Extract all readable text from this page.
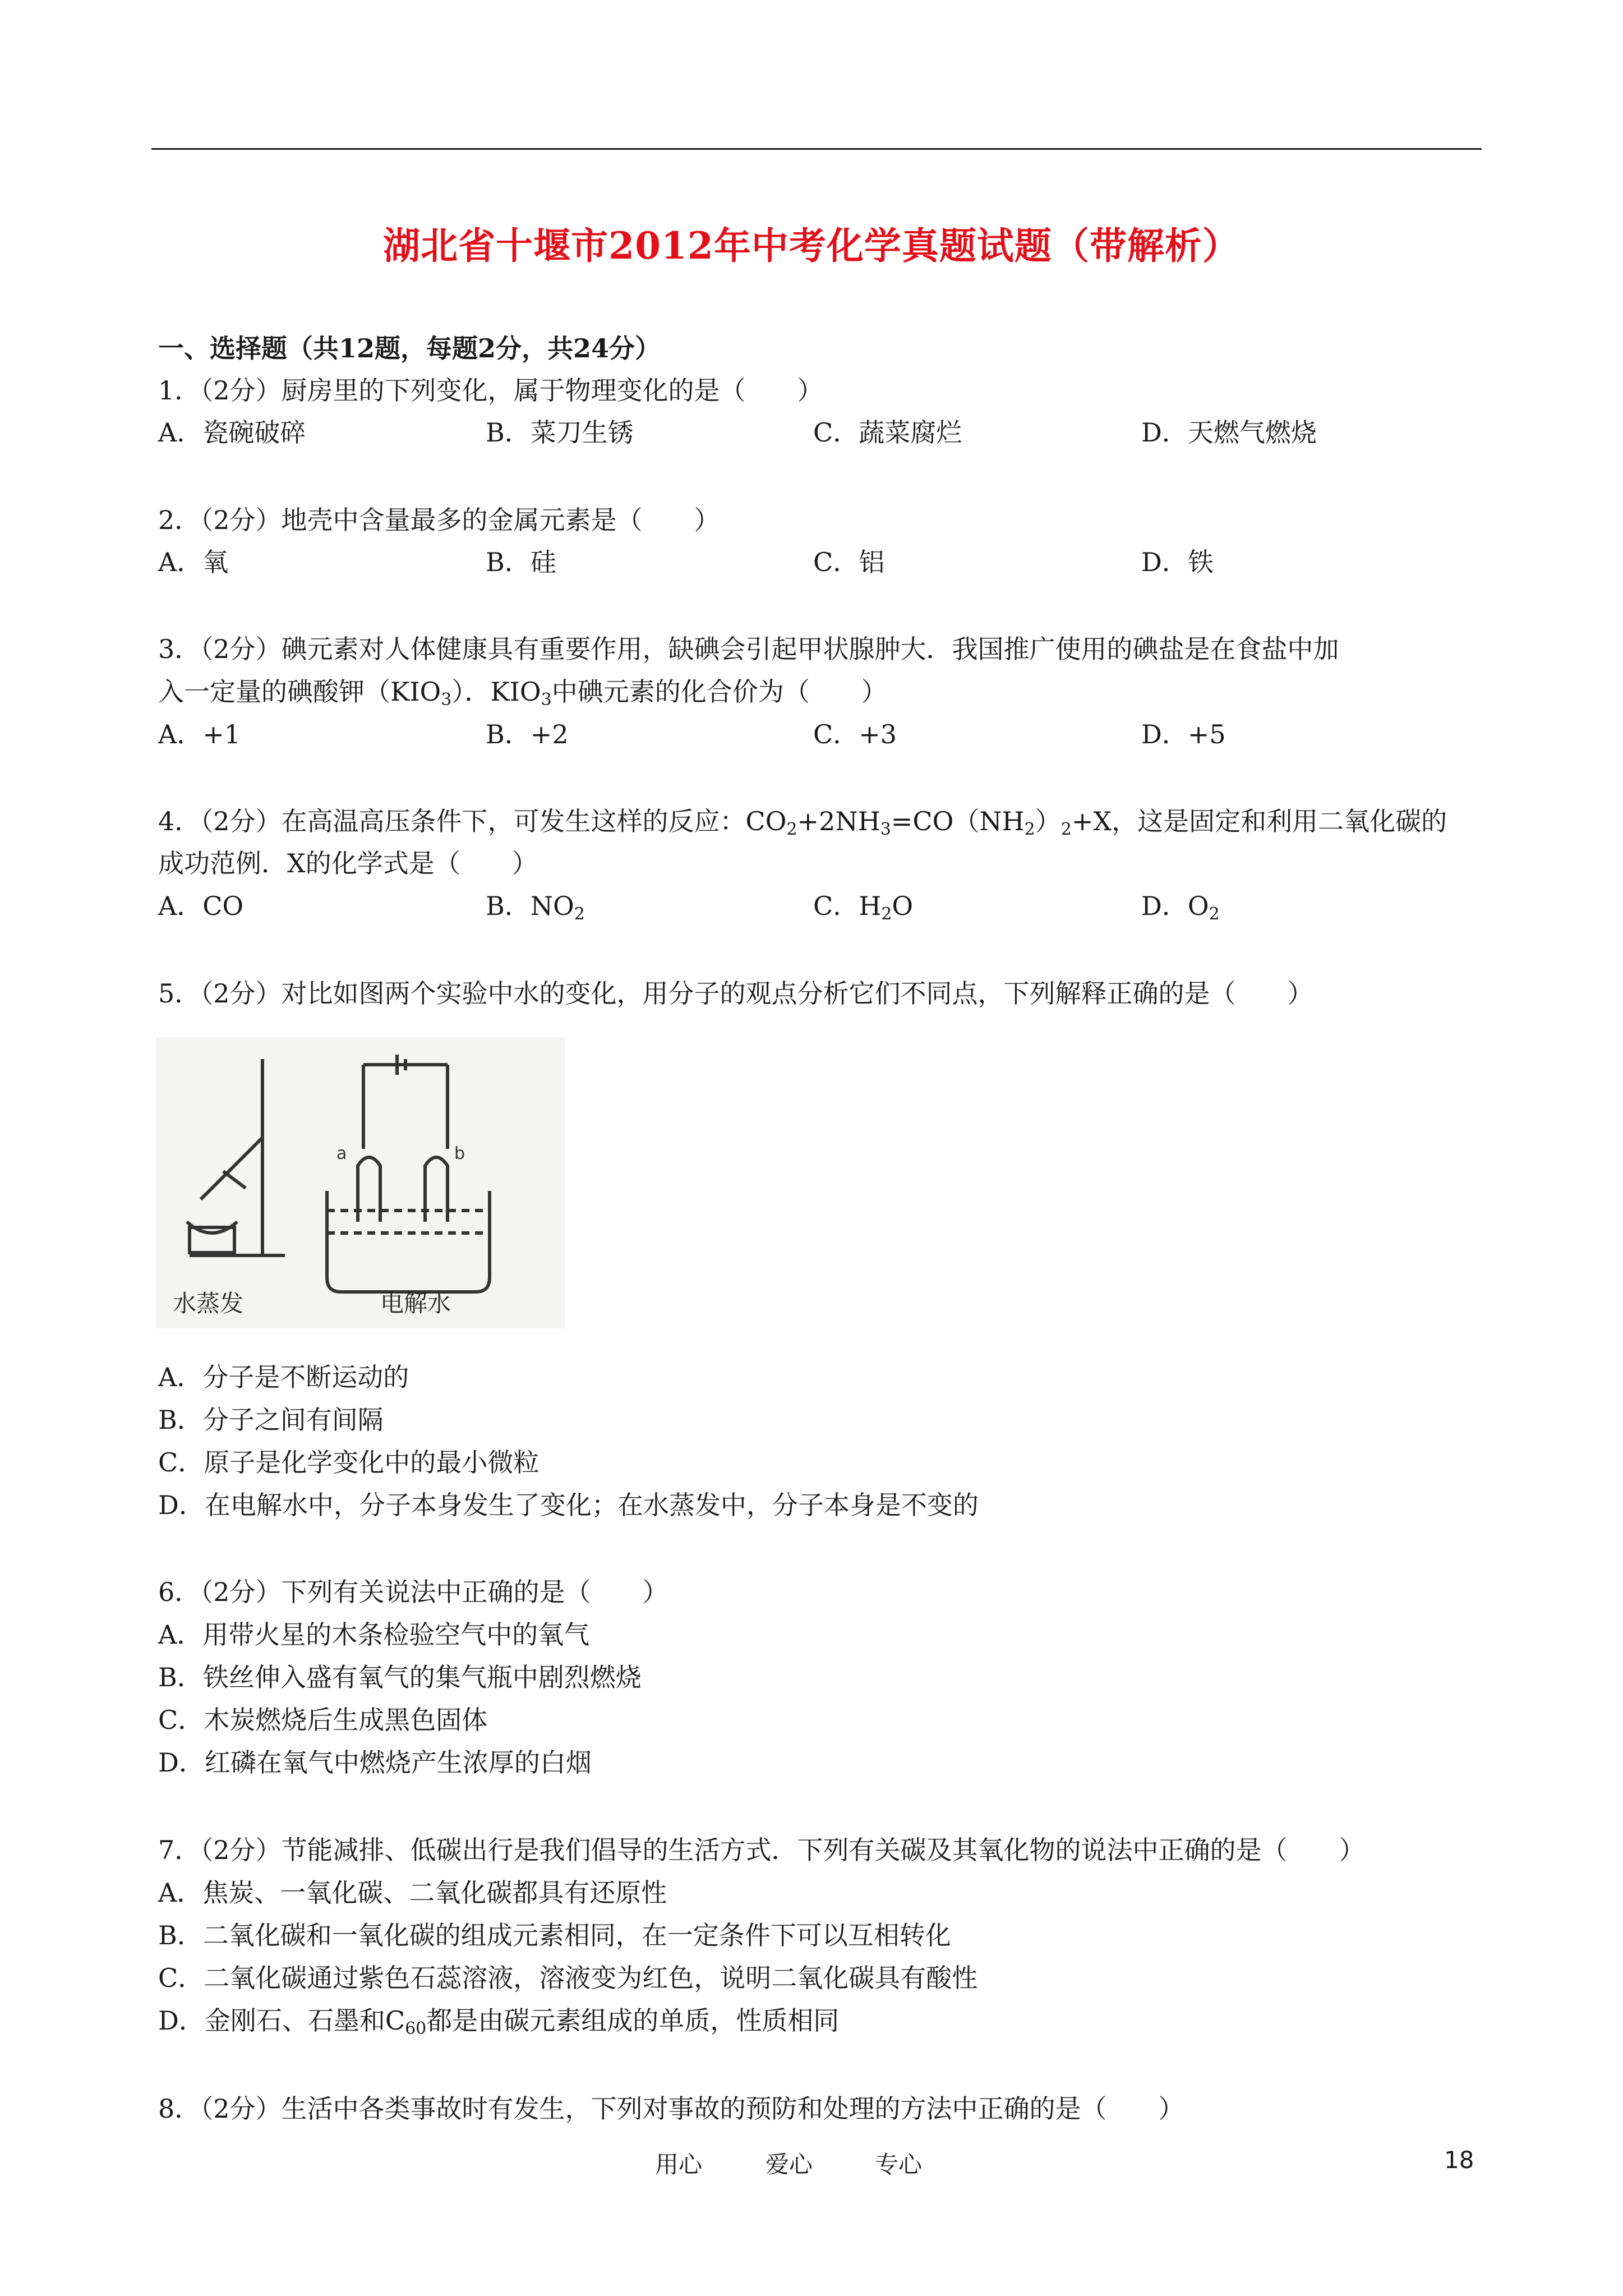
湖北省十堰市2012年中考化学真题试题（带解析）
一、选择题（共12题，每题2分，共24分）
1．（2分）厨房里的下列变化，属于物理变化的是（　　）
A．瓷碗破碎	B．菜刀生锈	C．蔬菜腐烂	D．天燃气燃烧
2．（2分）地壳中含量最多的金属元素是（　　）
A．氧	B．硅	C．铝	D．铁
3．（2分）碘元素对人体健康具有重要作用，缺碘会引起甲状腺肿大．我国推广使用的碘盐是在食盐中加
入一定量的碘酸钾$(KIO_3)$．$KIO_3$中碘元素的化合价为（　　）
A．+1	B．+2	C．+3	D．+5
4．（2分）在高温高压条件下，可发生这样的反应：$CO_2+2NH_3=CO(NH_2)_2+X$，这是固定和利用二氧化碳的
成功范例．X的化学式是（　　）
A．CO	B．$NO_2$	C．$H_2O$	D．$O_2$
5．（2分）对比如图两个实验中水的变化，用分子的观点分析它们不同点，下列解释正确的是（　　）
a	b
水蒸发	电解水
A．分子是不断运动的
B．分子之间有间隔
C．原子是化学变化中的最小微粒
D．在电解水中，分子本身发生了变化；在水蒸发中，分子本身是不变的
6．（2分）下列有关说法中正确的是（　　）
A．用带火星的木条检验空气中的氧气
B．铁丝伸入盛有氧气的集气瓶中剧烈燃烧
C．木炭燃烧后生成黑色固体
D．红磷在氧气中燃烧产生浓厚的白烟
7．（2分）节能减排、低碳出行是我们倡导的生活方式．下列有关碳及其氧化物的说法中正确的是（　　）
A．焦炭、一氧化碳、二氧化碳都具有还原性
B．二氧化碳和一氧化碳的组成元素相同，在一定条件下可以互相转化
C．二氧化碳通过紫色石蕊溶液，溶液变为红色，说明二氧化碳具有酸性
D．金刚石、石墨和$C_{60}$都是由碳元素组成的单质，性质相同
8．（2分）生活中各类事故时有发生，下列对事故的预防和处理的方法中正确的是（　　）
用心	爱心	专心	18
